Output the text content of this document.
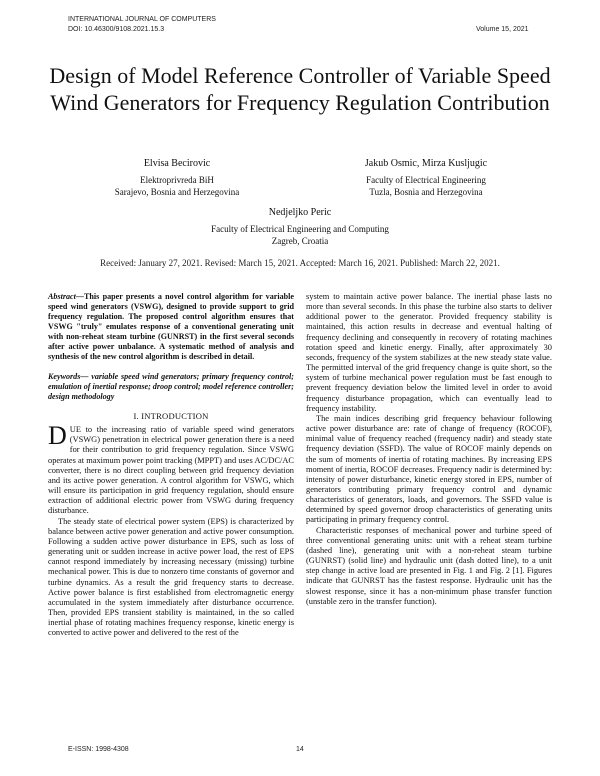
INTERNATIONAL JOURNAL OF COMPUTERS
DOI: 10.46300/9108.2021.15.3	Volume 15, 2021
Design of Model Reference Controller of Variable Speed Wind Generators for Frequency Regulation Contribution
Elvisa Becirovic
Elektroprivreda BiH
Sarajevo, Bosnia and Herzegovina
Jakub Osmic, Mirza Kusljugic
Faculty of Electrical Engineering
Tuzla, Bosnia and Herzegovina
Nedjeljko Peric
Faculty of Electrical Engineering and Computing
Zagreb, Croatia
Received: January 27, 2021. Revised: March 15, 2021. Accepted: March 16, 2021. Published: March 22, 2021.

Abstract—This paper presents a novel control algorithm for variable speed wind generators (VSWG), designed to provide support to grid frequency regulation. The proposed control algorithm ensures that VSWG "truly" emulates response of a conventional generating unit with non-reheat steam turbine (GUNRST) in the first several seconds after active power unbalance. A systematic method of analysis and synthesis of the new control algorithm is described in detail.

Keywords— variable speed wind generators; primary frequency control; emulation of inertial response; droop control; model reference controller; design methodology

I. INTRODUCTION

DUE to the increasing ratio of variable speed wind generators (VSWG) penetration in electrical power generation there is a need for their contribution to grid frequency regulation. Since VSWG operates at maximum power point tracking (MPPT) and uses AC/DC/AC converter, there is no direct coupling between grid frequency deviation and its active power generation. A control algorithm for VSWG, which will ensure its participation in grid frequency regulation, should ensure extraction of additional electric power from VSWG during frequency disturbance.

The steady state of electrical power system (EPS) is characterized by balance between active power generation and active power consumption. Following a sudden active power disturbance in EPS, such as loss of generating unit or sudden increase in active power load, the rest of EPS cannot respond immediately by increasing necessary (missing) turbine mechanical power. This is due to nonzero time constants of governor and turbine dynamics. As a result the grid frequency starts to decrease. Active power balance is first established from electromagnetic energy accumulated in the system immediately after disturbance occurrence. Then, provided EPS transient stability is maintained, in the so called inertial phase of rotating machines frequency response, kinetic energy is converted to active power and delivered to the rest of the

system to maintain active power balance. The inertial phase lasts no more than several seconds. In this phase the turbine also starts to deliver additional power to the generator. Provided frequency stability is maintained, this action results in decrease and eventual halting of frequency declining and consequently in recovery of rotating machines rotation speed and kinetic energy. Finally, after approximately 30 seconds, frequency of the system stabilizes at the new steady state value. The permitted interval of the grid frequency change is quite short, so the system of turbine mechanical power regulation must be fast enough to prevent frequency deviation below the limited level in order to avoid frequency disturbance propagation, which can eventually lead to frequency instability.

The main indices describing grid frequency behaviour following active power disturbance are: rate of change of frequency (ROCOF), minimal value of frequency reached (frequency nadir) and steady state frequency deviation (SSFD). The value of ROCOF mainly depends on the sum of moments of inertia of rotating machines. By increasing EPS moment of inertia, ROCOF decreases. Frequency nadir is determined by: intensity of power disturbance, kinetic energy stored in EPS, number of generators contributing primary frequency control and dynamic characteristics of generators, loads, and governors. The SSFD value is determined by speed governor droop characteristics of generating units participating in primary frequency control.

Characteristic responses of mechanical power and turbine speed of three conventional generating units: unit with a reheat steam turbine (dashed line), generating unit with a non-reheat steam turbine (GUNRST) (solid line) and hydraulic unit (dash dotted line), to a unit step change in active load are presented in Fig. 1 and Fig. 2 [1]. Figures indicate that GUNRST has the fastest response. Hydraulic unit has the slowest response, since it has a non-minimum phase transfer function (unstable zero in the transfer function).

E-ISSN: 1998-4308	14
